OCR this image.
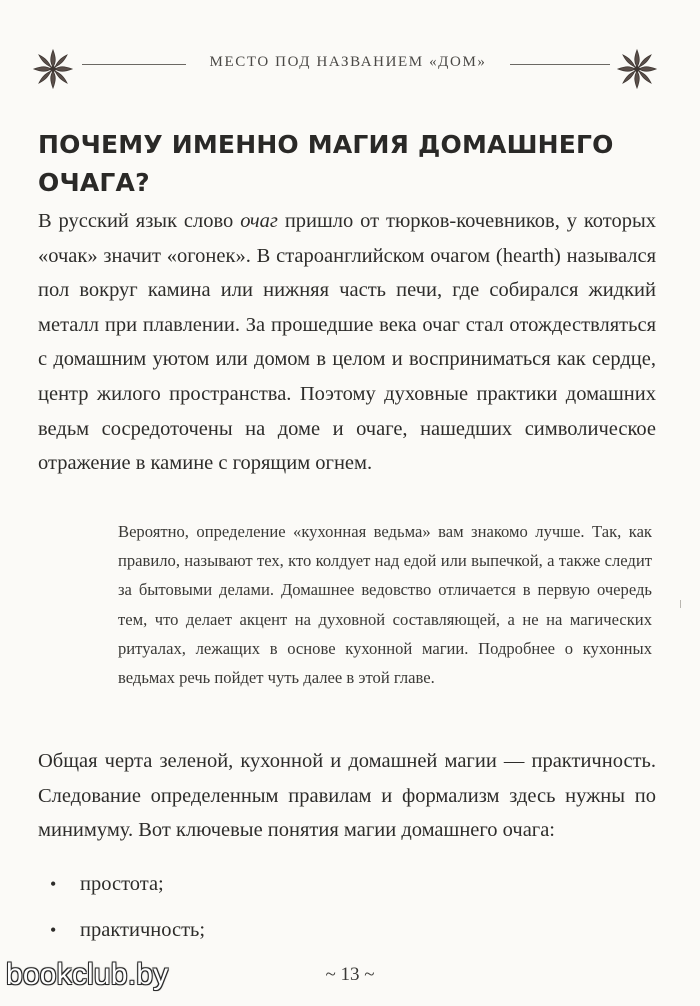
МЕСТО ПОД НАЗВАНИЕМ «ДОМ»
ПОЧЕМУ ИМЕННО МАГИЯ ДОМАШНЕГО
ОЧАГА?

В русский язык слово очаг пришло от тюрков-кочевников, у которых «очак» значит «огонек». В староанглийском очагом (hearth) назывался пол вокруг камина или нижняя часть печи, где собирался жидкий металл при плавлении. За прошедшие века очаг стал отождествляться с домашним уютом или домом в целом и восприниматься как сердце, центр жилого пространства. Поэтому духовные практики домашних ведьм сосредоточены на доме и очаге, нашедших символическое отражение в камине с горящим огнем.

Вероятно, определение «кухонная ведьма» вам знакомо лучше. Так, как правило, называют тех, кто колдует над едой или выпечкой, а также следит за бытовыми делами. Домашнее ведовство отличается в первую очередь тем, что делает акцент на духовной составляющей, а не на магических ритуалах, лежащих в основе кухонной магии. Подробнее о кухонных ведьмах речь пойдет чуть далее в этой главе.

Общая черта зеленой, кухонной и домашней магии — практичность. Следование определенным правилам и формализм здесь нужны по минимуму. Вот ключевые понятия магии домашнего очага:

• простота;
• практичность;
~ 13 ~
bookclub.by
